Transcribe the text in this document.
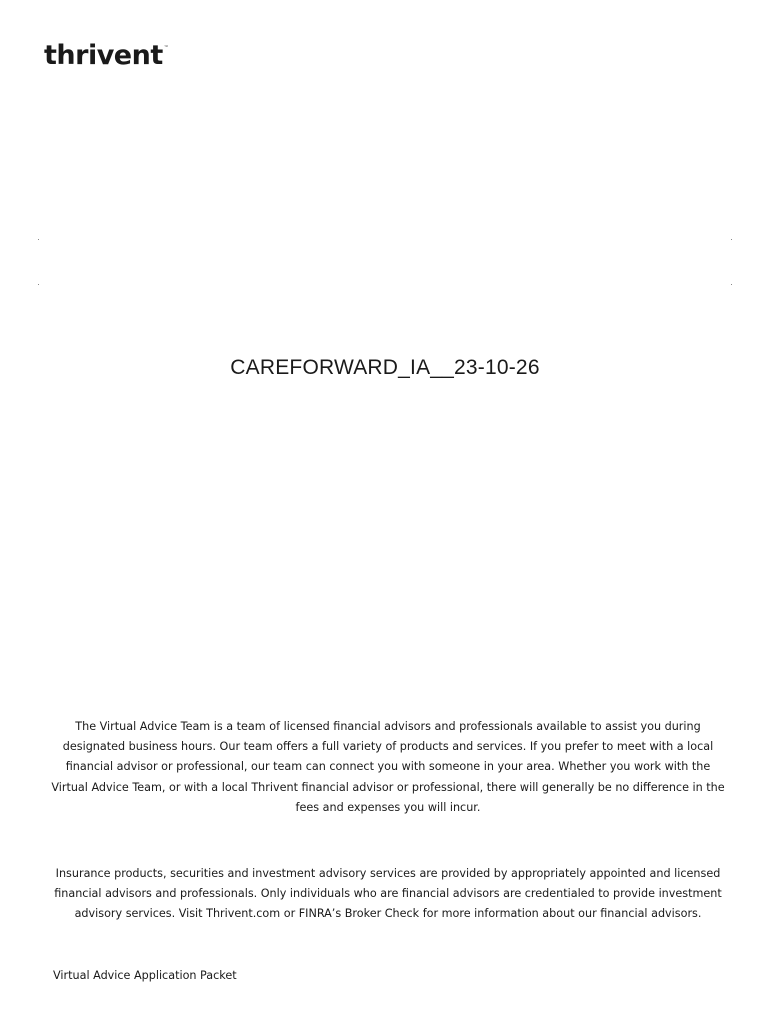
thrivent™
CAREFORWARD_IA__23-10-26

The Virtual Advice Team is a team of licensed financial advisors and professionals available to assist you during designated business hours. Our team offers a full variety of products and services. If you prefer to meet with a local financial advisor or professional, our team can connect you with someone in your area. Whether you work with the Virtual Advice Team, or with a local Thrivent financial advisor or professional, there will generally be no difference in the fees and expenses you will incur.

Insurance products, securities and investment advisory services are provided by appropriately appointed and licensed financial advisors and professionals. Only individuals who are financial advisors are credentialed to provide investment advisory services. Visit Thrivent.com or FINRA’s Broker Check for more information about our financial advisors.

Virtual Advice Application Packet
